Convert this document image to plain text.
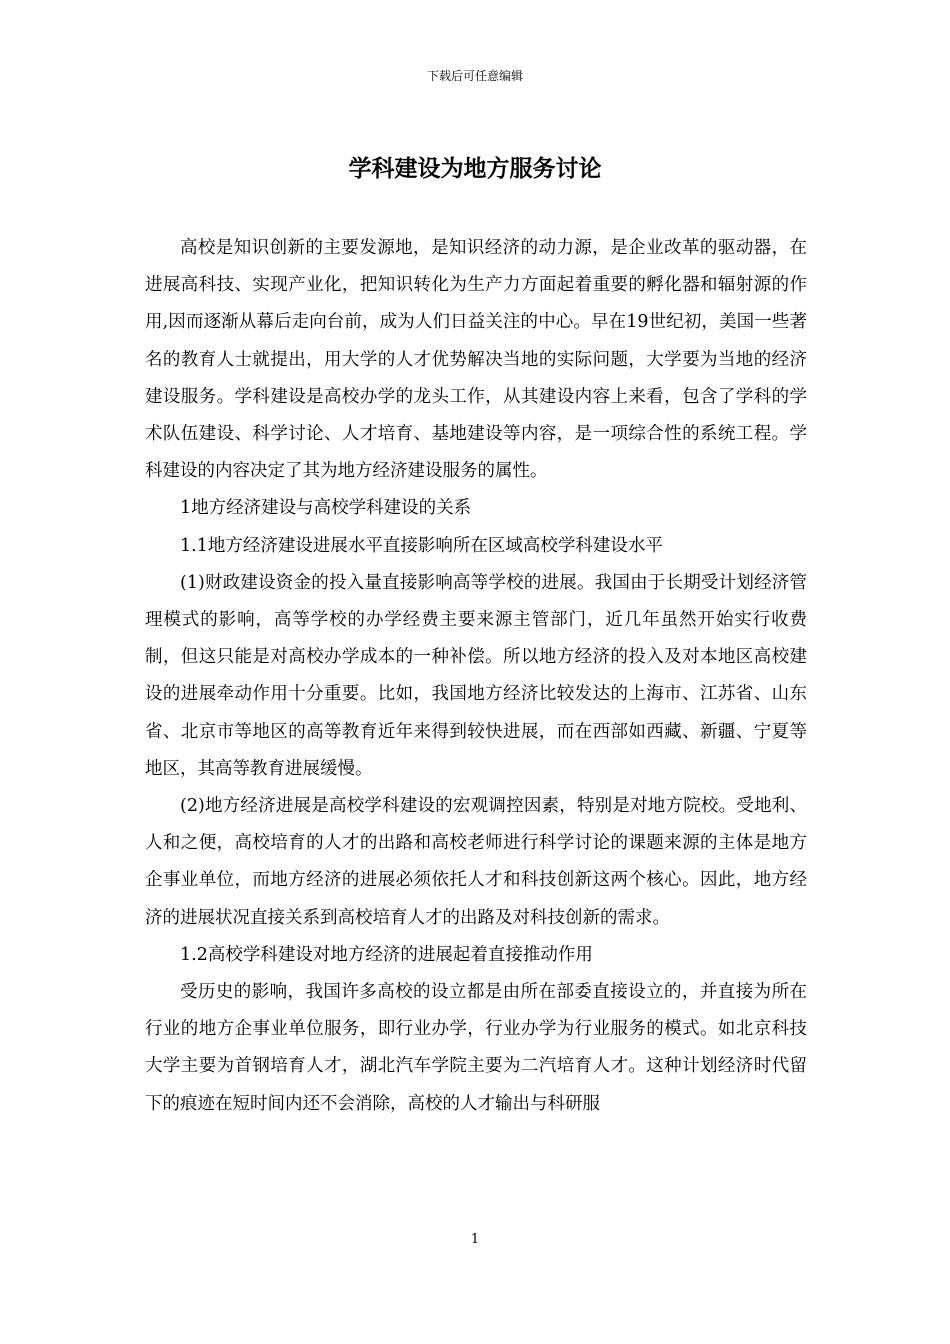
下载后可任意编辑
学科建设为地方服务讨论

高校是知识创新的主要发源地，是知识经济的动力源，是企业改革的驱动器，在进展高科技、实现产业化，把知识转化为生产力方面起着重要的孵化器和辐射源的作用,因而逐渐从幕后走向台前，成为人们日益关注的中心。早在19世纪初，美国一些著名的教育人士就提出，用大学的人才优势解决当地的实际问题，大学要为当地的经济建设服务。学科建设是高校办学的龙头工作，从其建设内容上来看，包含了学科的学术队伍建设、科学讨论、人才培育、基地建设等内容，是一项综合性的系统工程。学科建设的内容决定了其为地方经济建设服务的属性。

1地方经济建设与高校学科建设的关系

1.1地方经济建设进展水平直接影响所在区域高校学科建设水平

(1)财政建设资金的投入量直接影响高等学校的进展。我国由于长期受计划经济管理模式的影响，高等学校的办学经费主要来源主管部门，近几年虽然开始实行收费制，但这只能是对高校办学成本的一种补偿。所以地方经济的投入及对本地区高校建设的进展牵动作用十分重要。比如，我国地方经济比较发达的上海市、江苏省、山东省、北京市等地区的高等教育近年来得到较快进展，而在西部如西藏、新疆、宁夏等地区，其高等教育进展缓慢。

(2)地方经济进展是高校学科建设的宏观调控因素，特别是对地方院校。受地利、人和之便，高校培育的人才的出路和高校老师进行科学讨论的课题来源的主体是地方企事业单位，而地方经济的进展必须依托人才和科技创新这两个核心。因此，地方经济的进展状况直接关系到高校培育人才的出路及对科技创新的需求。

1.2高校学科建设对地方经济的进展起着直接推动作用

受历史的影响，我国许多高校的设立都是由所在部委直接设立的，并直接为所在行业的地方企事业单位服务，即行业办学，行业办学为行业服务的模式。如北京科技大学主要为首钢培育人才，湖北汽车学院主要为二汽培育人才。这种计划经济时代留下的痕迹在短时间内还不会消除，高校的人才输出与科研服

1
